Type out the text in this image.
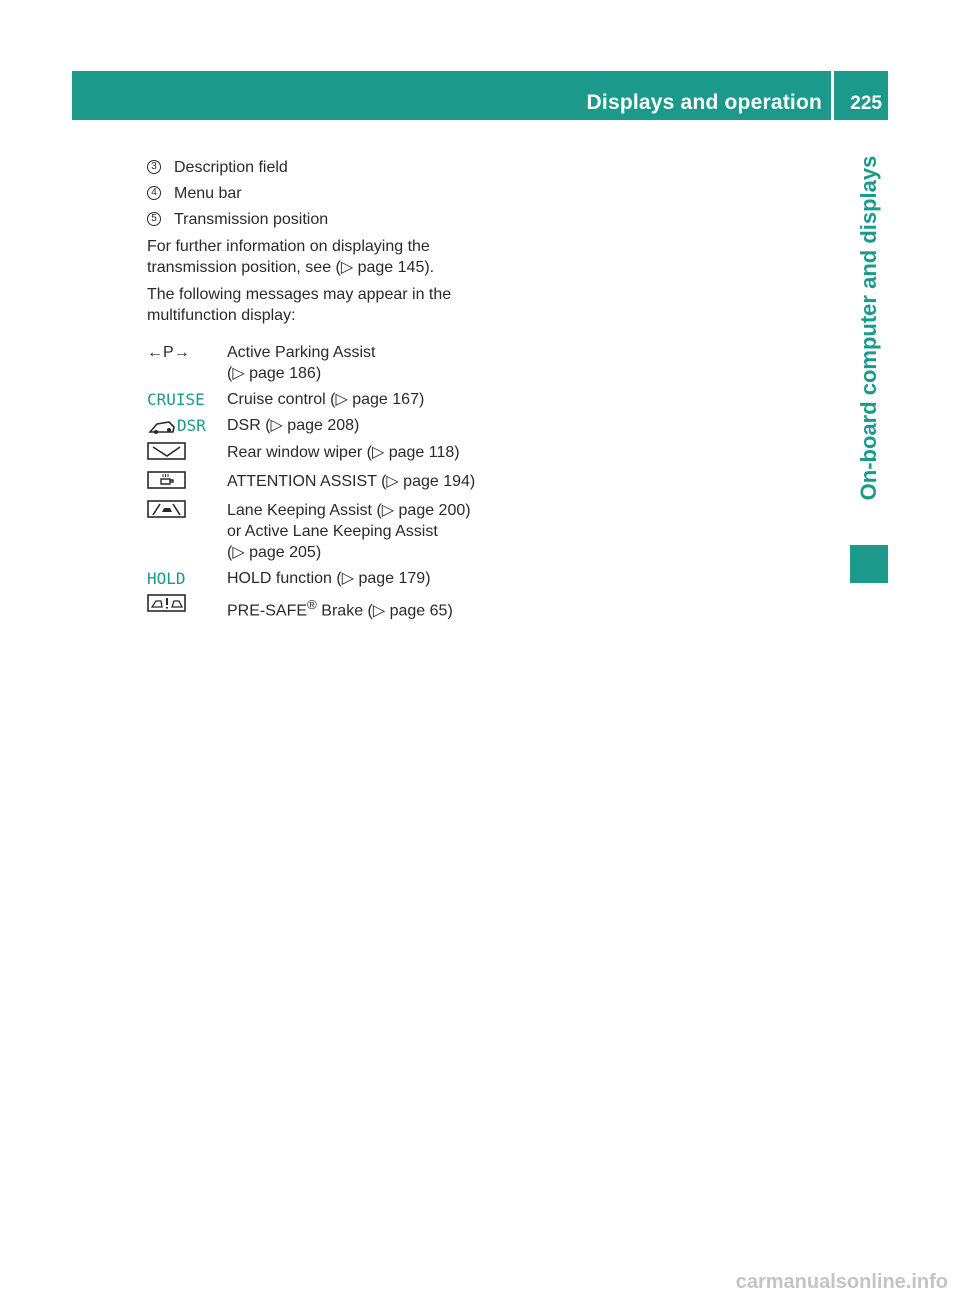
Displays and operation 225
On-board computer and displays
3 Description field
4 Menu bar
5 Transmission position

For further information on displaying the transmission position, see (▷ page 145).

The following messages may appear in the multifunction display:

←P→	Active Parking Assist
(▷ page 186)
CRUISE	Cruise control (▷ page 167)
DSR	DSR (▷ page 208)
Rear window wiper (▷ page 118)
ATTENTION ASSIST (▷ page 194)
Lane Keeping Assist (▷ page 200)
or Active Lane Keeping Assist
(▷ page 205)
HOLD	HOLD function (▷ page 179)
PRE-SAFE® Brake (▷ page 65)
carmanualsonline.info
